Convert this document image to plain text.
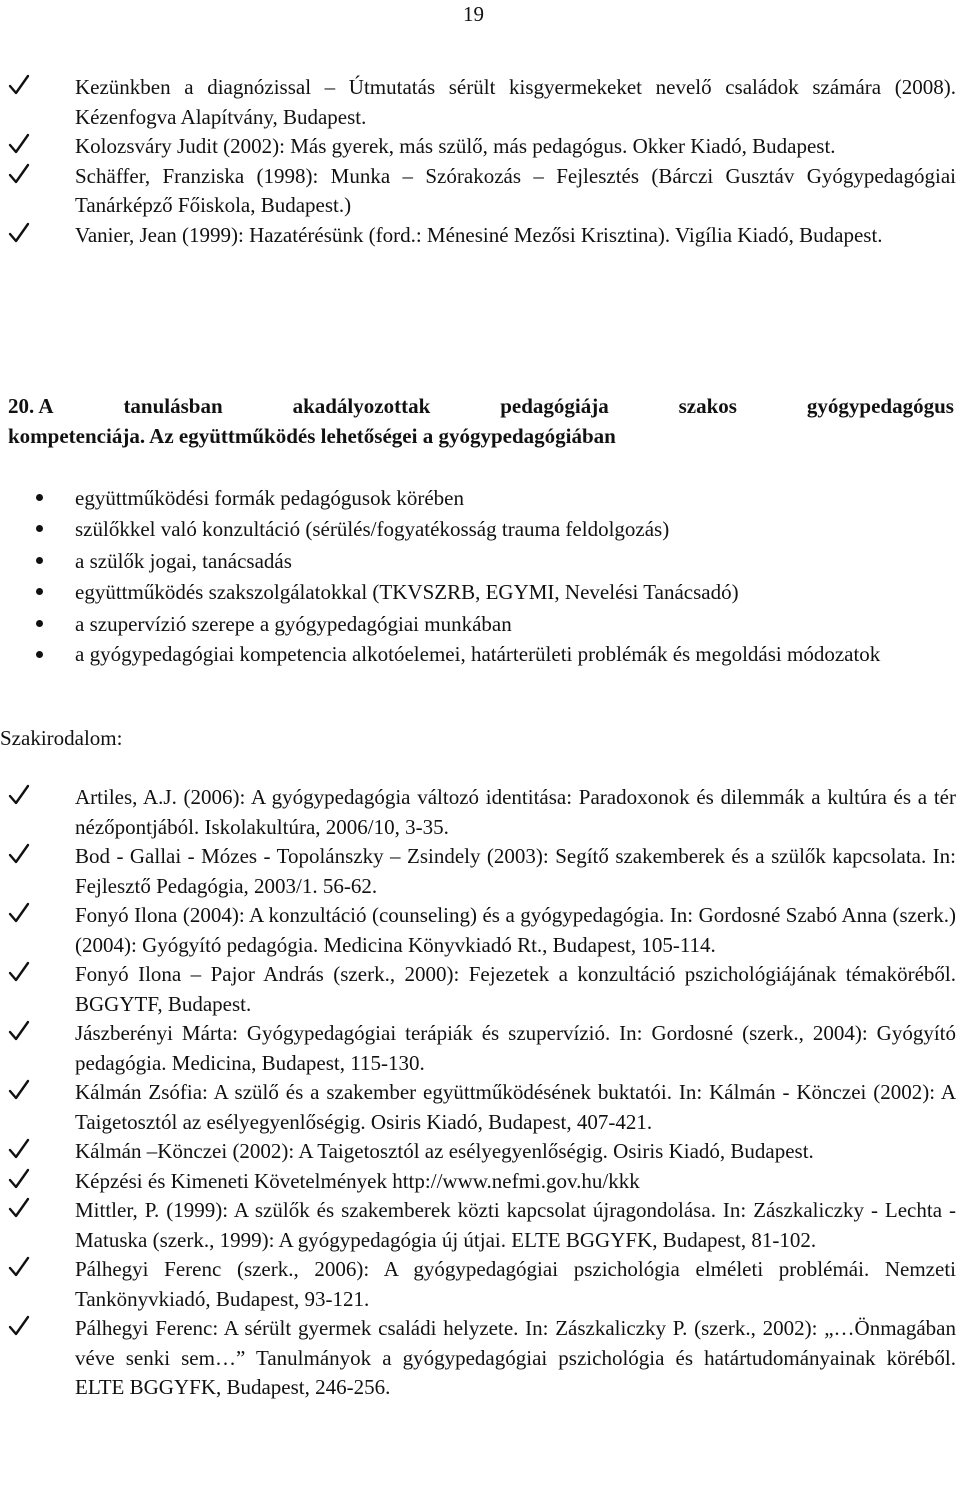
19
Kezünkben a diagnózissal – Útmutatás sérült kisgyermekeket nevelő családok számára (2008). Kézenfogva Alapítvány, Budapest.
Kolozsváry Judit (2002): Más gyerek, más szülő, más pedagógus. Okker Kiadó, Budapest.
Schäffer, Franziska (1998): Munka – Szórakozás – Fejlesztés (Bárczi Gusztáv Gyógypedagógiai Tanárképző Főiskola, Budapest.)
Vanier, Jean (1999): Hazatérésünk (ford.: Ménesiné Mezősi Krisztina). Vigília Kiadó, Budapest.
20. A	tanulásban	akadályozottak	pedagógiája	szakos	gyógypedagógus
kompetenciája. Az együttműködés lehetőségei a gyógypedagógiában
együttműködési formák pedagógusok körében
szülőkkel való konzultáció (sérülés/fogyatékosság trauma feldolgozás)
a szülők jogai, tanácsadás
együttműködés szakszolgálatokkal (TKVSZRB, EGYMI, Nevelési Tanácsadó)
a szupervízió szerepe a gyógypedagógiai munkában
a gyógypedagógiai kompetencia alkotóelemei, határterületi problémák és megoldási módozatok
Szakirodalom:
Artiles, A.J. (2006): A gyógypedagógia változó identitása: Paradoxonok és dilemmák a kultúra és a tér nézőpontjából. Iskolakultúra, 2006/10, 3-35.
Bod - Gallai - Mózes - Topolánszky – Zsindely (2003): Segítő szakemberek és a szülők kapcsolata. In: Fejlesztő Pedagógia, 2003/1. 56-62.
Fonyó Ilona (2004): A konzultáció (counseling) és a gyógypedagógia. In: Gordosné Szabó Anna (szerk.) (2004): Gyógyító pedagógia. Medicina Könyvkiadó Rt., Budapest, 105-114.
Fonyó Ilona – Pajor András (szerk., 2000): Fejezetek a konzultáció pszichológiájának témaköréből. BGGYTF, Budapest.
Jászberényi Márta: Gyógypedagógiai terápiák és szupervízió. In: Gordosné (szerk., 2004): Gyógyító pedagógia. Medicina, Budapest, 115-130.
Kálmán Zsófia: A szülő és a szakember együttműködésének buktatói. In: Kálmán - Könczei (2002): A Taigetosztól az esélyegyenlőségig. Osiris Kiadó, Budapest, 407-421.
Kálmán –Könczei (2002): A Taigetosztól az esélyegyenlőségig. Osiris Kiadó, Budapest.
Képzési és Kimeneti Követelmények http://www.nefmi.gov.hu/kkk
Mittler, P. (1999): A szülők és szakemberek közti kapcsolat újragondolása. In: Zászkaliczky - Lechta - Matuska (szerk., 1999): A gyógypedagógia új útjai. ELTE BGGYFK, Budapest, 81-102.
Pálhegyi Ferenc (szerk., 2006): A gyógypedagógiai pszichológia elméleti problémái. Nemzeti Tankönyvkiadó, Budapest, 93-121.
Pálhegyi Ferenc: A sérült gyermek családi helyzete. In: Zászkaliczky P. (szerk., 2002): „…Önmagában véve senki sem…” Tanulmányok a gyógypedagógiai pszichológia és határtudományainak köréből. ELTE BGGYFK, Budapest, 246-256.
